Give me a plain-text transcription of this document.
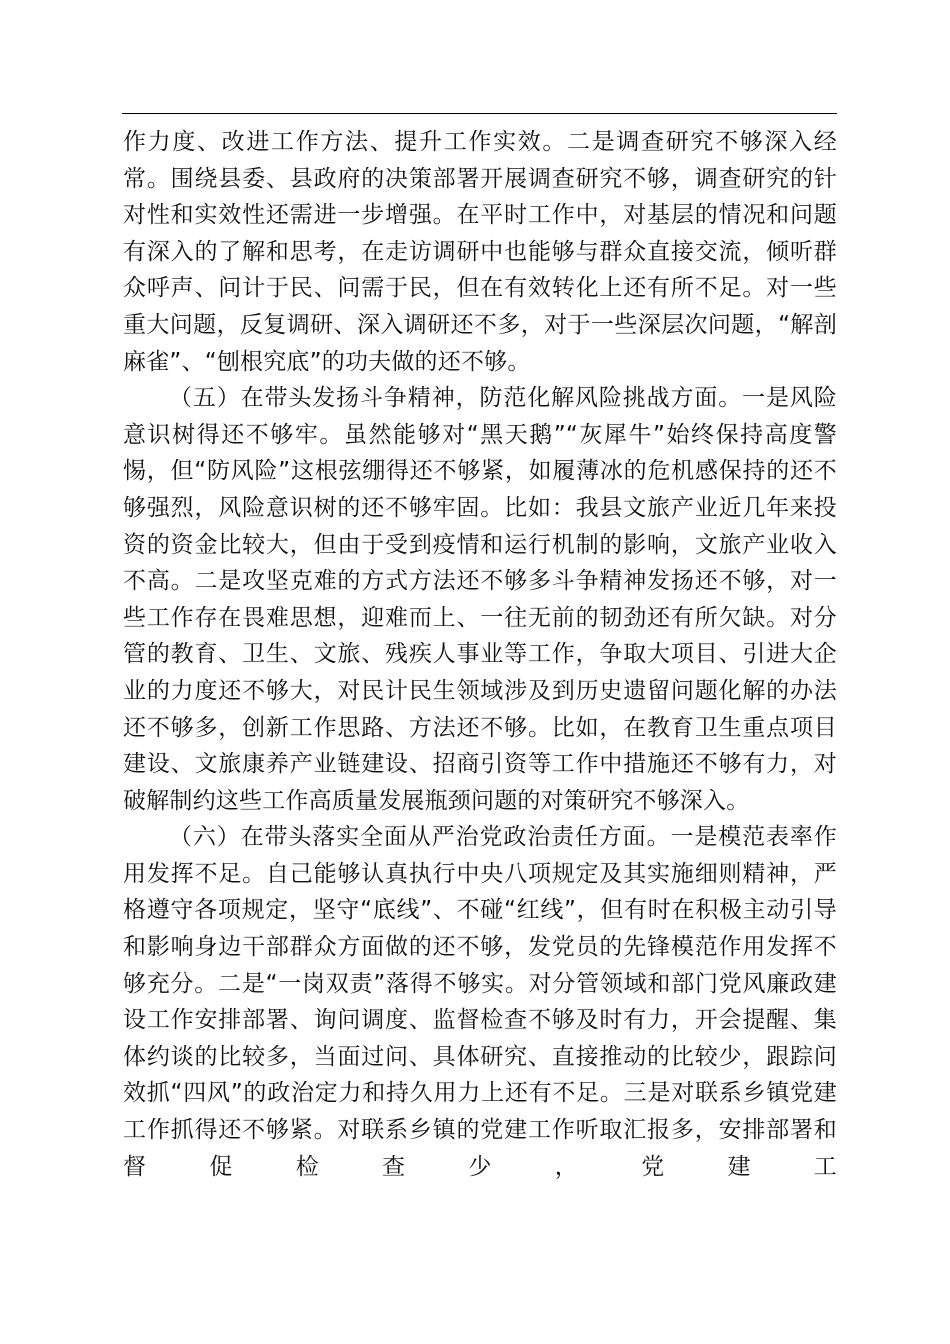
作力度、改进工作方法、提升工作实效。二是调查研究不够深入经常。围绕县委、县政府的决策部署开展调查研究不够，调查研究的针对性和实效性还需进一步增强。在平时工作中，对基层的情况和问题有深入的了解和思考，在走访调研中也能够与群众直接交流，倾听群众呼声、问计于民、问需于民，但在有效转化上还有所不足。对一些重大问题，反复调研、深入调研还不多，对于一些深层次问题，“解剖麻雀”、“刨根究底”的功夫做的还不够。

（五）在带头发扬斗争精神，防范化解风险挑战方面。一是风险意识树得还不够牢。虽然能够对“黑天鹅”“灰犀牛”始终保持高度警惕，但“防风险”这根弦绷得还不够紧，如履薄冰的危机感保持的还不够强烈，风险意识树的还不够牢固。比如：我县文旅产业近几年来投资的资金比较大，但由于受到疫情和运行机制的影响，文旅产业收入不高。二是攻坚克难的方式方法还不够多斗争精神发扬还不够，对一些工作存在畏难思想，迎难而上、一往无前的韧劲还有所欠缺。对分管的教育、卫生、文旅、残疾人事业等工作，争取大项目、引进大企业的力度还不够大，对民计民生领域涉及到历史遗留问题化解的办法还不够多，创新工作思路、方法还不够。比如，在教育卫生重点项目建设、文旅康养产业链建设、招商引资等工作中措施还不够有力，对破解制约这些工作高质量发展瓶颈问题的对策研究不够深入。

（六）在带头落实全面从严治党政治责任方面。一是模范表率作用发挥不足。自己能够认真执行中央八项规定及其实施细则精神，严格遵守各项规定，坚守“底线”、不碰“红线”，但有时在积极主动引导和影响身边干部群众方面做的还不够，发党员的先锋模范作用发挥不够充分。二是“一岗双责”落得不够实。对分管领域和部门党风廉政建设工作安排部署、询问调度、监督检查不够及时有力，开会提醒、集体约谈的比较多，当面过问、具体研究、直接推动的比较少，跟踪问效抓“四风”的政治定力和持久用力上还有不足。三是对联系乡镇党建工作抓得还不够紧。对联系乡镇的党建工作听取汇报多，安排部署和督促检查少，党建工
